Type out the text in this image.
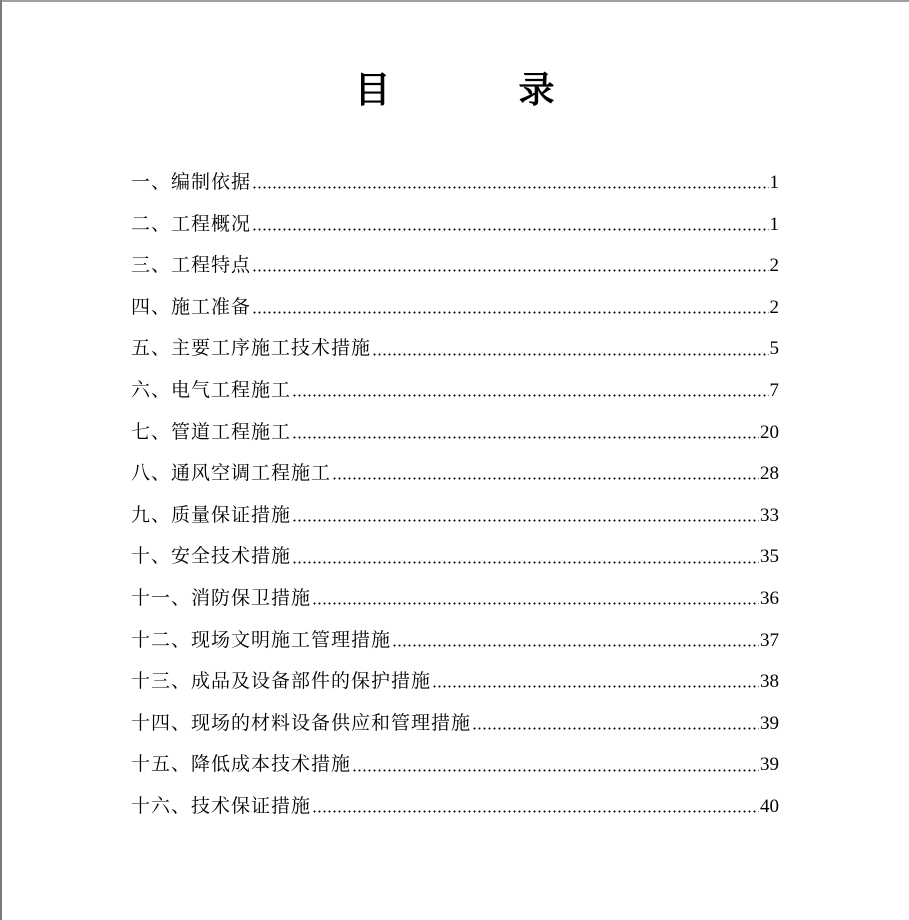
目　录
一、编制依据	1
二、工程概况	1
三、工程特点	2
四、施工准备	2
五、主要工序施工技术措施	5
六、电气工程施工	7
七、管道工程施工	20
八、通风空调工程施工	28
九、质量保证措施	33
十、安全技术措施	35
十一、消防保卫措施	36
十二、现场文明施工管理措施	37
十三、成品及设备部件的保护措施	38
十四、现场的材料设备供应和管理措施	39
十五、降低成本技术措施	39
十六、技术保证措施	40
